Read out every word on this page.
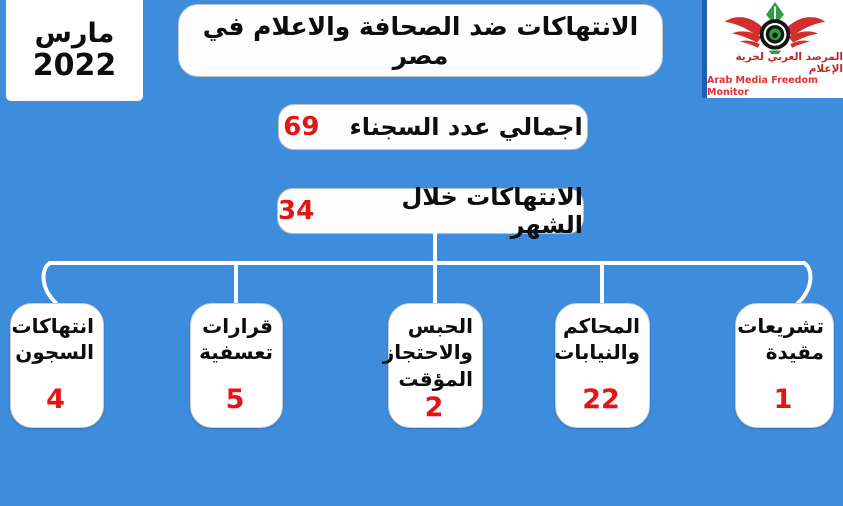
مارس
2022
الانتهاكات ضد الصحافة والاعلام في مصر	المرصد العربي لحرية الإعلام
Arab Media Freedom Monitor
اجمالي عدد السجناء
69
الانتهاكات خلال الشهر
34
انتهاكات السجون
4
قرارات تعسفية
5
الحبس والاحتجاز المؤقت
2
المحاكم والنيابات
22
تشريعات مقيدة
1
